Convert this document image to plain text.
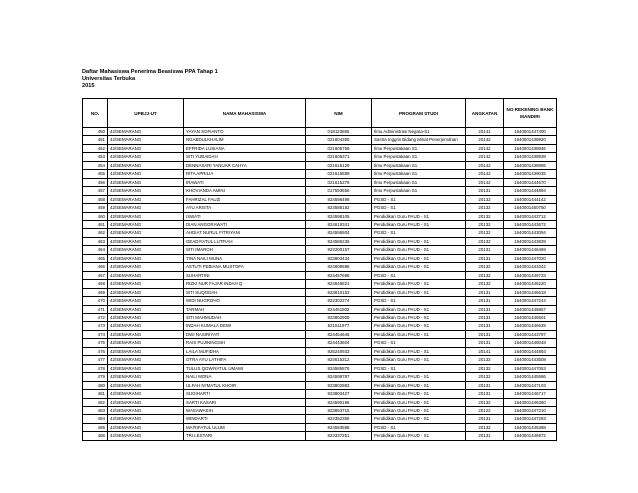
Daftar Mahasiswa Penerima Beasiswa PPA Tahap 1
Universitas Terbuka
2015
NO.	UPBJJ-UT	NAMA MAHASISWA	NIM	PROGRAM STUDI	ANGKATAN	NO REKENING BANK MANDIRI
450	42/SEMARANG	YAYAN SOFIANTO	018123865	Ilmu Administrasi Negara-S1	20141	1640001447400
451	42/SEMARANG	NGABDULKHALIM	021604355	Sastra Inggris Bidang Minat Penerjemahan	20142	1640001438920
452	42/SEMARANG	EFFRIDA LUSIANA	021605769	Ilmu Perpustakaan S1	20142	1640001438946
453	42/SEMARANG	SITI YUBAIDAH	021605371	Ilmu Perpustakaan S1	20142	1640001438938
454	42/SEMARANG	DENNASARI YANUAR CAHYA	021615129	Ilmu Perpustakaan S1	20142	1640001438995
455	42/SEMARANG	RITA APRILIA	021616589	Ilmu Perpustakaan S1	20142	1640001439035
456	42/SEMARANG	IRAWATI	021615279	Ilmu Perpustakaan S1	20142	1640001444670
457	42/SEMARANG	KHOVIANDA AMINI	017593656	Ilmu Perpustakaan S1	20131	1640001444894
458	42/SEMARANG	FAHRIZAL FAUZI	824596498	PGSD - S1	20132	1640001444142
459	42/SEMARANG	AYU ARISTA	824588182	PGSD - S1	20132	1640001450750
460	42/SEMARANG	ISWATI	824598105	Pendidikan Guru PAUD - S1	20132	1640001443712
461	42/SEMARANG	DIAN ANGGRAWATI	824619341	Pendidikan Guru PAUD - S1	20132	1640001443672
462	42/SEMARANG	AHDIAT NURUL FITRIYANI	824595504	PGSD - S1	20132	1640001443094
463	42/SEMARANG	GEADIYATUL LUTFIAH	824586236	Pendidikan Guru PAUD - S1	20132	1640001443839
464	42/SEMARANG	SITI IMAROH	822200157	Pendidikan Guru PAUD - S1	20131	1640001446469
465	42/SEMARANG	TINA NAILI MUNA	823803434	Pendidikan Guru PAUD - S1	20131	1640001447020
466	42/SEMARANG	ASTUTI FEBIANA MUSTOFA	824609698	Pendidikan Guru PAUD - S1	20132	1640001443342
467	42/SEMARANG	SUHARTINI	824457698	PGSD - S1	20132	1640001446733
468	42/SEMARANG	RIZKI NUR FAJAR INDAH Q	824845821	Pendidikan Guru PAUD - S1	20132	1640001446220
469	42/SEMARANG	SITI SUQODAH	823810153	Pendidikan Guru PAUD - S1	20131	1640001446618
470	42/SEMARANG	WIDI NUGROHO	822302274	PGSD - S1	20131	1640001447244
471	42/SEMARANG	TARMAH	824451902	Pendidikan Guru PAUD - S1	20131	1640001446857
472	42/SEMARANG	SITI MAHMUDAH	823802909	Pendidikan Guru PAUD - S1	20131	1640001446501
473	42/SEMARANG	INDAH KUMALA DEWI	821511977	Pendidikan Guru PAUD - S1	20131	1640001446639
474	42/SEMARANG	DWI NASIRIYATI	824454646	Pendidikan Guru PAUD - S1	20131	1640001443797
475	42/SEMARANG	RAIS PUJININGSIH	824443604	PGSD - S1	20131	1640001446048
476	42/SEMARANG	LAILA MUFIDHA	825240933	Pendidikan Guru PAUD - S1	20141	1640001444893
477	42/SEMARANG	OTRA AYU LATHIFA	824615312	Pendidikan Guru PAUD - S1	20132	1640001443508
478	42/SEMARANG	TULUS QOWIYATUL UMAMI	824585875	PGSD - S1	20132	1640001447053
479	42/SEMARANG	NAILI MONA	824599787	Pendidikan Guru PAUD - S1	20132	1640001445586
480	42/SEMARANG	ULFAH NI'MATUL KHOIR	823802883	Pendidikan Guru PAUD - S1	20131	1640001447103
481	42/SEMARANG	SUGIHARTI	823803427	Pendidikan Guru PAUD - S1	20131	1640001446717
482	42/SEMARANG	SARTI KASARI	824590196	Pendidikan Guru PAUD - S1	20132	1640001446360
483	42/SEMARANG	WASAWASIH	823853715	Pendidikan Guru PAUD - S1	20122	1640001447210
484	42/SEMARANG	WINDARTI	822352358	Pendidikan Guru PAUD - S1	20131	1640001447293
485	42/SEMARANG	MA'RIFATUL ULUM	824583588	PGSD - S1	20132	1640001445388
486	42/SEMARANG	TRI LESTARI	822337251	Pendidikan Guru PAUD - S1	20131	1640001446972
